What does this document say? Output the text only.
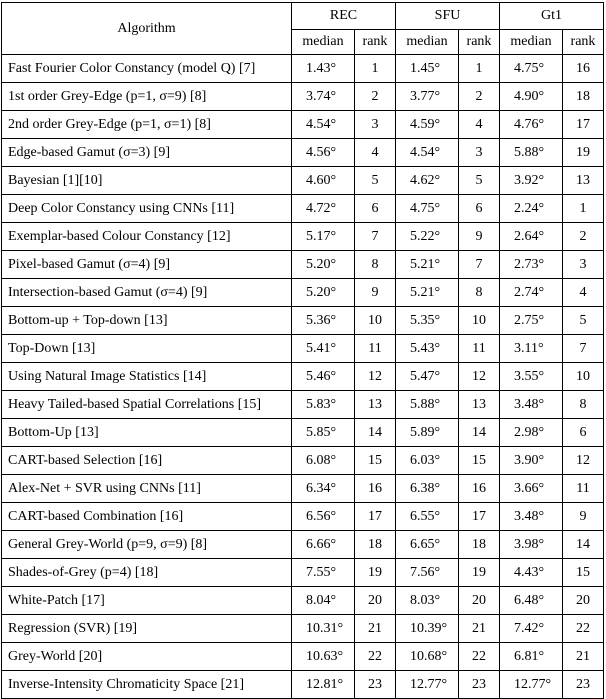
Algorithm	REC		SFU		Gt1	
	median	rank	median	rank	median	rank
Fast Fourier Color Constancy (model Q) [7]	1.43°	1	1.45°	1	4.75°	16
1st order Grey-Edge (p=1, σ=9) [8]	3.74°	2	3.77°	2	4.90°	18
2nd order Grey-Edge (p=1, σ=1) [8]	4.54°	3	4.59°	4	4.76°	17
Edge-based Gamut (σ=3) [9]	4.56°	4	4.54°	3	5.88°	19
Bayesian [1][10]	4.60°	5	4.62°	5	3.92°	13
Deep Color Constancy using CNNs [11]	4.72°	6	4.75°	6	2.24°	1
Exemplar-based Colour Constancy [12]	5.17°	7	5.22°	9	2.64°	2
Pixel-based Gamut (σ=4) [9]	5.20°	8	5.21°	7	2.73°	3
Intersection-based Gamut (σ=4) [9]	5.20°	9	5.21°	8	2.74°	4
Bottom-up + Top-down [13]	5.36°	10	5.35°	10	2.75°	5
Top-Down [13]	5.41°	11	5.43°	11	3.11°	7
Using Natural Image Statistics [14]	5.46°	12	5.47°	12	3.55°	10
Heavy Tailed-based Spatial Correlations [15]	5.83°	13	5.88°	13	3.48°	8
Bottom-Up [13]	5.85°	14	5.89°	14	2.98°	6
CART-based Selection [16]	6.08°	15	6.03°	15	3.90°	12
Alex-Net + SVR using CNNs [11]	6.34°	16	6.38°	16	3.66°	11
CART-based Combination [16]	6.56°	17	6.55°	17	3.48°	9
General Grey-World (p=9, σ=9) [8]	6.66°	18	6.65°	18	3.98°	14
Shades-of-Grey (p=4) [18]	7.55°	19	7.56°	19	4.43°	15
White-Patch [17]	8.04°	20	8.03°	20	6.48°	20
Regression (SVR) [19]	10.31°	21	10.39°	21	7.42°	22
Grey-World [20]	10.63°	22	10.68°	22	6.81°	21
Inverse-Intensity Chromaticity Space [21]	12.81°	23	12.77°	23	12.77°	23
